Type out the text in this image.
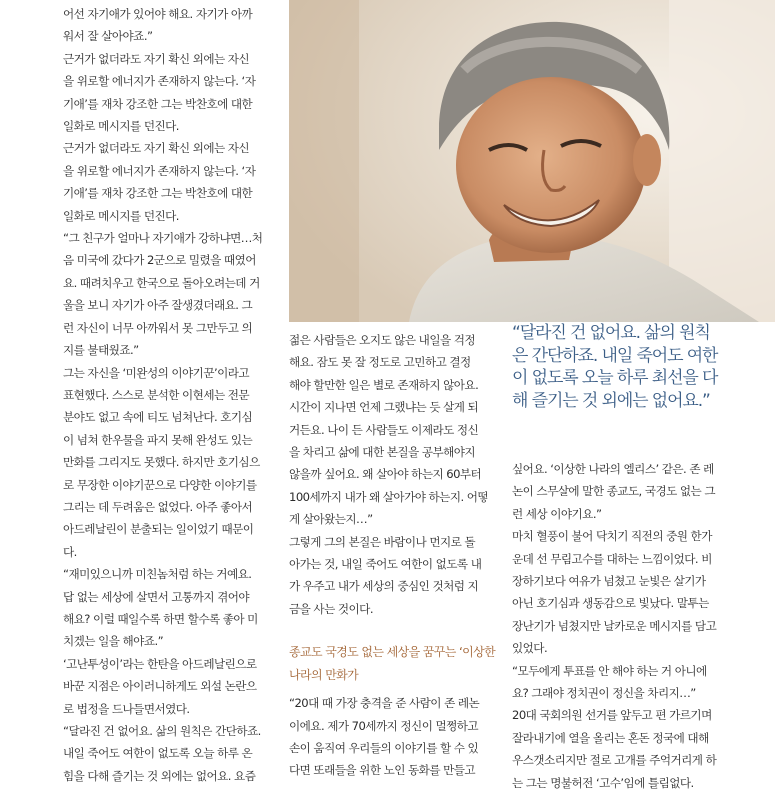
어선 자기애가 있어야 해요. 자기가 아까

워서 잘 살아야죠.”

근거가 없더라도 자기 확신 외에는 자신

을 위로할 에너지가 존재하지 않는다. ‘자

기애’를 재차 강조한 그는 박찬호에 대한

일화로 메시지를 던진다.

근거가 없더라도 자기 확신 외에는 자신

을 위로할 에너지가 존재하지 않는다. ‘자

기애’를 재차 강조한 그는 박찬호에 대한

일화로 메시지를 던진다.

“그 친구가 얼마나 자기애가 강하냐면…처

음 미국에 갔다가 2군으로 밀렸을 때였어

요. 때려치우고 한국으로 돌아오려는데 거

울을 보니 자기가 아주 잘생겼더래요. 그

런 자신이 너무 아까워서 못 그만두고 의

지를 불태웠죠.”

그는 자신을 ‘미완성의 이야기꾼’이라고

표현했다. 스스로 분석한 이현세는 전문

분야도 없고 속에 티도 넘쳐난다. 호기심

이 넘쳐 한우물을 파지 못해 완성도 있는

만화를 그리지도 못했다. 하지만 호기심으

로 무장한 이야기꾼으로 다양한 이야기를

그리는 데 두려움은 없었다. 아주 좋아서

아드레날린이 분출되는 일이었기 때문이

다.

“재미있으니까 미친놈처럼 하는 거예요.

답 없는 세상에 살면서 고통까지 겪어야

해요? 이럴 때일수록 하면 할수록 좋아 미

치겠는 일을 해야죠.”

‘고난투성이’라는 한탄을 아드레날린으로

바꾼 지점은 아이러니하게도 외설 논란으

로 법정을 드나들면서였다.

“달라진 건 없어요. 삶의 원칙은 간단하죠.

내일 죽어도 여한이 없도록 오늘 하루 온

힘을 다해 즐기는 것 외에는 없어요. 요즘

젊은 사람들은 오지도 않은 내일을 걱정

해요. 잠도 못 잘 정도로 고민하고 결정

해야 할만한 일은 별로 존재하지 않아요.

시간이 지나면 언제 그랬냐는 듯 살게 되

거든요. 나이 든 사람들도 이제라도 정신

을 차리고 삶에 대한 본질을 공부해야지

않을까 싶어요. 왜 살아야 하는지 60부터

100세까지 내가 왜 살아가야 하는지. 어떻

게 살아왔는지…”

그렇게 그의 본질은 바람이나 먼지로 돌

아가는 것, 내일 죽어도 여한이 없도록 내

가 우주고 내가 세상의 중심인 것처럼 지

금을 사는 것이다.

종교도 국경도 없는 세상을 꿈꾸는 ‘이상한

나라의 만화가

“20대 때 가장 충격을 준 사람이 존 레논

이에요. 제가 70세까지 정신이 멀쩡하고

손이 움직여 우리들의 이야기를 할 수 있

다면 또래들을 위한 노인 동화를 만들고

“달라진 건 없어요. 삶의 원칙

은 간단하죠. 내일 죽어도 여한

이 없도록 오늘 하루 최선을 다

해 즐기는 것 외에는 없어요.”

싶어요. ‘이상한 나라의 엘리스’ 같은. 존 레

논이 스무살에 말한 종교도, 국경도 없는 그

런 세상 이야기요.”

마치 혈풍이 불어 닥치기 직전의 중원 한가

운데 선 무림고수를 대하는 느낌이었다. 비

장하기보다 여유가 넘쳤고 눈빛은 살기가

아닌 호기심과 생동감으로 빛났다. 말투는

장난기가 넘쳤지만 날카로운 메시지를 담고

있었다.

“모두에게 투표를 안 해야 하는 거 아니에

요? 그래야 정치권이 정신을 차리지…”

20대 국회의원 선거를 앞두고 편 가르기며

잘라내기에 열을 올리는 혼돈 정국에 대해

우스갯소리지만 절로 고개를 주억거리게 하

는 그는 명불허전 ‘고수’임에 틀림없다.
